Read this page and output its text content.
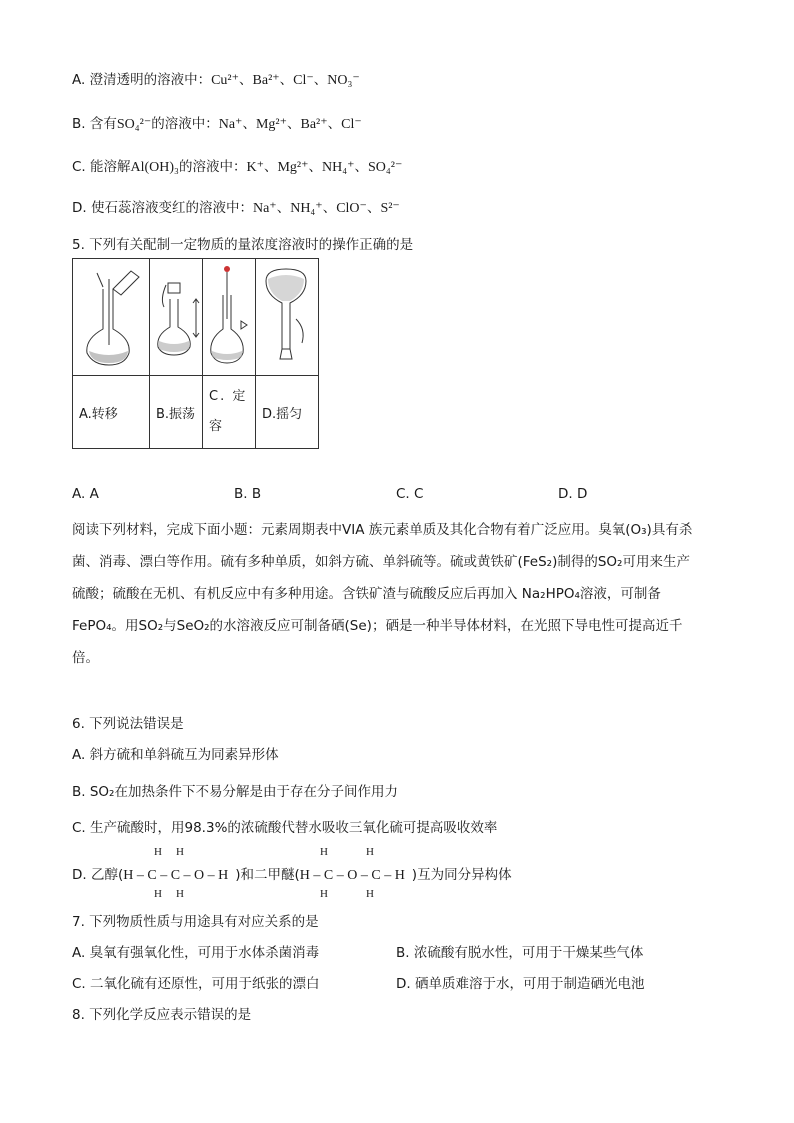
A. 澄清透明的溶液中：Cu²⁺、Ba²⁺、Cl⁻、NO₃⁻
B. 含有SO₄²⁻的溶液中：Na⁺、Mg²⁺、Ba²⁺、Cl⁻
C. 能溶解Al(OH)₃的溶液中：K⁺、Mg²⁺、NH₄⁺、SO₄²⁻
D. 使石蕊溶液变红的溶液中：Na⁺、NH₄⁺、ClO⁻、S²⁻
5. 下列有关配制一定物质的量浓度溶液时的操作正确的是

A.转移	B.振荡	C. 定容	D.摇匀
A. A	B. B	C. C	D. D
阅读下列材料，完成下面小题：元素周期表中VIA 族元素单质及其化合物有着广泛应用。臭氧(O₃)具有杀
菌、消毒、漂白等作用。硫有多种单质，如斜方硫、单斜硫等。硫或黄铁矿(FeS₂)制得的SO₂可用来生产
硫酸；硫酸在无机、有机反应中有多种用途。含铁矿渣与硫酸反应后再加入 Na₂HPO₄溶液，可制备
FePO₄。用SO₂与SeO₂的水溶液反应可制备硒(Se)；硒是一种半导体材料，在光照下导电性可提高近千
倍。
6. 下列说法错误是
A. 斜方硫和单斜硫互为同素异形体
B. SO₂在加热条件下不易分解是由于存在分子间作用力
C. 生产硫酸时，用98.3%的浓硫酸代替水吸收三氧化硫可提高吸收效率
D. 乙醇(H – C – C – O – H )和二甲醚(H – C – O – C – H )互为同分异构体
H H
H H
H	H
H	H
7. 下列物质性质与用途具有对应关系的是
A. 臭氧有强氧化性，可用于水体杀菌消毒	B. 浓硫酸有脱水性，可用于干燥某些气体
C. 二氧化硫有还原性，可用于纸张的漂白	D. 硒单质难溶于水，可用于制造硒光电池
8. 下列化学反应表示错误的是
